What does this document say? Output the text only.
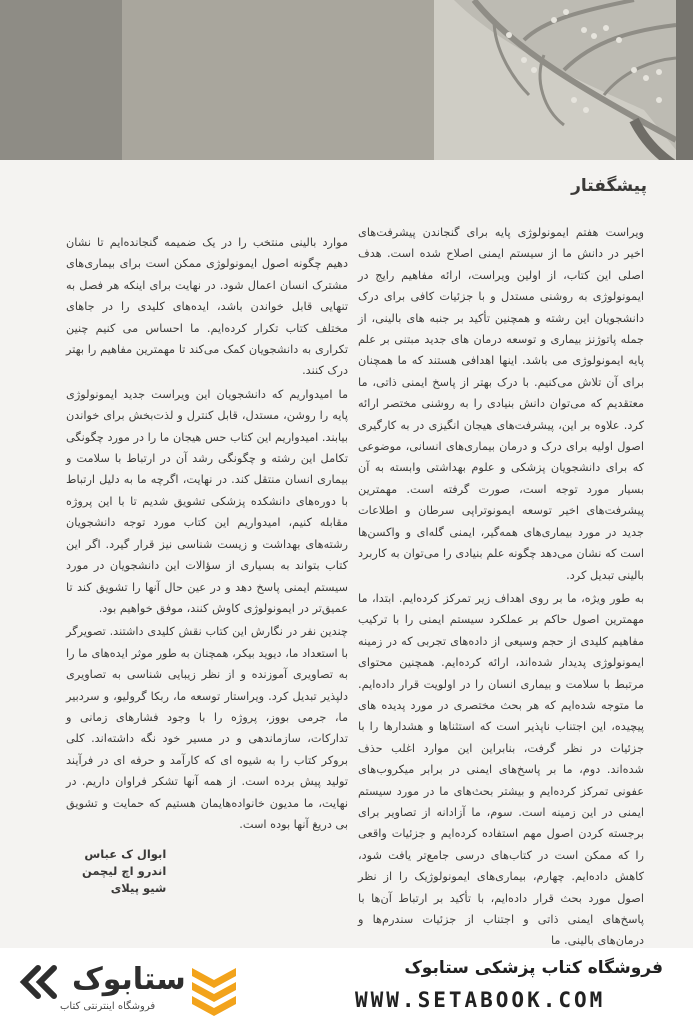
پیشگفتار

ویراست هفتم ایمونولوژی پایه برای گنجاندن پیشرفت‌های اخیر در دانش ما از سیستم ایمنی اصلاح شده است. هدف اصلی این کتاب، از اولین ویراست، ارائه مفاهیم رایج در ایمونولوژی به روشنی مستدل و با جزئیات کافی برای درک دانشجویان این رشته و همچنین تأکید بر جنبه های بالینی، از جمله پاتوژنز بیماری و توسعه درمان های جدید مبتنی بر علم پایه ایمونولوژی می باشد. اینها اهدافی هستند که ما همچنان برای آن تلاش می‌کنیم. با درک بهتر از پاسخ ایمنی ذاتی، ما معتقدیم که می‌توان دانش بنیادی را به روشنی مختصر ارائه کرد. علاوه بر این، پیشرفت‌های هیجان انگیزی در به کارگیری اصول اولیه برای درک و درمان بیماری‌های انسانی، موضوعی که برای دانشجویان پزشکی و علوم بهداشتی وابسته به آن بسیار مورد توجه است، صورت گرفته است. مهمترین پیشرفت‌های اخیر توسعه ایمونوتراپی سرطان و اطلاعات جدید در مورد بیماری‌های همه‌گیر، ایمنی گله‌ای و واکسن‌ها است که نشان می‌دهد چگونه علم بنیادی را می‌توان به کاربرد بالینی تبدیل کرد.

به طور ویژه، ما بر روی اهداف زیر تمرکز کرده‌ایم. ابتدا، ما مهمترین اصول حاکم بر عملکرد سیستم ایمنی را با ترکیب مفاهیم کلیدی از حجم وسیعی از داده‌های تجربی که در زمینه ایمونولوژی پدیدار شده‌اند، ارائه کرده‌ایم. همچنین محتوای مرتبط با سلامت و بیماری انسان را در اولویت قرار داده‌ایم. ما متوجه شده‌ایم که هر بحث مختصری در مورد پدیده های پیچیده، این اجتناب ناپذیر است که استثناها و هشدارها را با جزئیات در نظر گرفت، بنابراین این موارد اغلب حذف شده‌اند. دوم، ما بر پاسخ‌های ایمنی در برابر میکروب‌های عفونی تمرکز کرده‌ایم و بیشتر بحث‌های ما در مورد سیستم ایمنی در این زمینه است. سوم، ما آزادانه از تصاویر برای برجسته کردن اصول مهم استفاده کرده‌ایم و جزئیات واقعی را که ممکن است در کتاب‌های درسی جامع‌تر یافت شود، کاهش داده‌ایم. چهارم، بیماری‌های ایمونولوژیک را از نظر اصول مورد بحث قرار داده‌ایم، با تأکید بر ارتباط آن‌ها با پاسخ‌های ایمنی ذاتی و اجتناب از جزئیات سندرم‌ها و درمان‌های بالینی. ما

موارد بالینی منتخب را در یک ضمیمه گنجانده‌ایم تا نشان دهیم چگونه اصول ایمونولوژی ممکن است برای بیماری‌های مشترک انسان اعمال شود. در نهایت برای اینکه هر فصل به تنهایی قابل خواندن باشد، ایده‌های کلیدی را در جاهای مختلف کتاب تکرار کرده‌ایم. ما احساس می کنیم چنین تکراری به دانشجویان کمک می‌کند تا مهمترین مفاهیم را بهتر درک کنند.

ما امیدواریم که دانشجویان این ویراست جدید ایمونولوژی پایه را روشن، مستدل، قابل کنترل و لذت‌بخش برای خواندن بیابند. امیدواریم این کتاب حس هیجان ما را در مورد چگونگی تکامل این رشته و چگونگی رشد آن در ارتباط با سلامت و بیماری انسان منتقل کند. در نهایت، اگرچه ما به دلیل ارتباط با دوره‌های دانشکده پزشکی تشویق شدیم تا با این پروژه مقابله کنیم، امیدواریم این کتاب مورد توجه دانشجویان رشته‌های بهداشت و زیست شناسی نیز قرار گیرد. اگر این کتاب بتواند به بسیاری از سؤالات این دانشجویان در مورد سیستم ایمنی پاسخ دهد و در عین حال آنها را تشویق کند تا عمیق‌تر در ایمونولوژی کاوش کنند، موفق خواهیم بود.

چندین نفر در نگارش این کتاب نقش کلیدی داشتند. تصویرگر با استعداد ما، دیوید بیکر، همچنان به طور موثر ایده‌های ما را به تصاویری آموزنده و از نظر زیبایی شناسی به تصاویری دلپذیر تبدیل کرد. ویراستار توسعه ما، ربکا گرولیو، و سردبیر ما، جرمی بووز، پروژه را با وجود فشارهای زمانی و تدارکات، سازماندهی و در مسیر خود نگه داشته‌اند. کلی بروکر کتاب را به شیوه ای که کارآمد و حرفه ای در فرآیند تولید پیش برده است. از همه آنها تشکر فراوان داریم. در نهایت، ما مدیون خانواده‌هایمان هستیم که حمایت و تشویق بی دریغ آنها بوده است.

ابوال ک عباس
اندرو اچ لیچمن
شیو پیلای
ستابوک
فروشگاه اینترنتی کتاب
فروشگاه کتاب پزشکی ستابوک
WWW.SETABOOK.COM
